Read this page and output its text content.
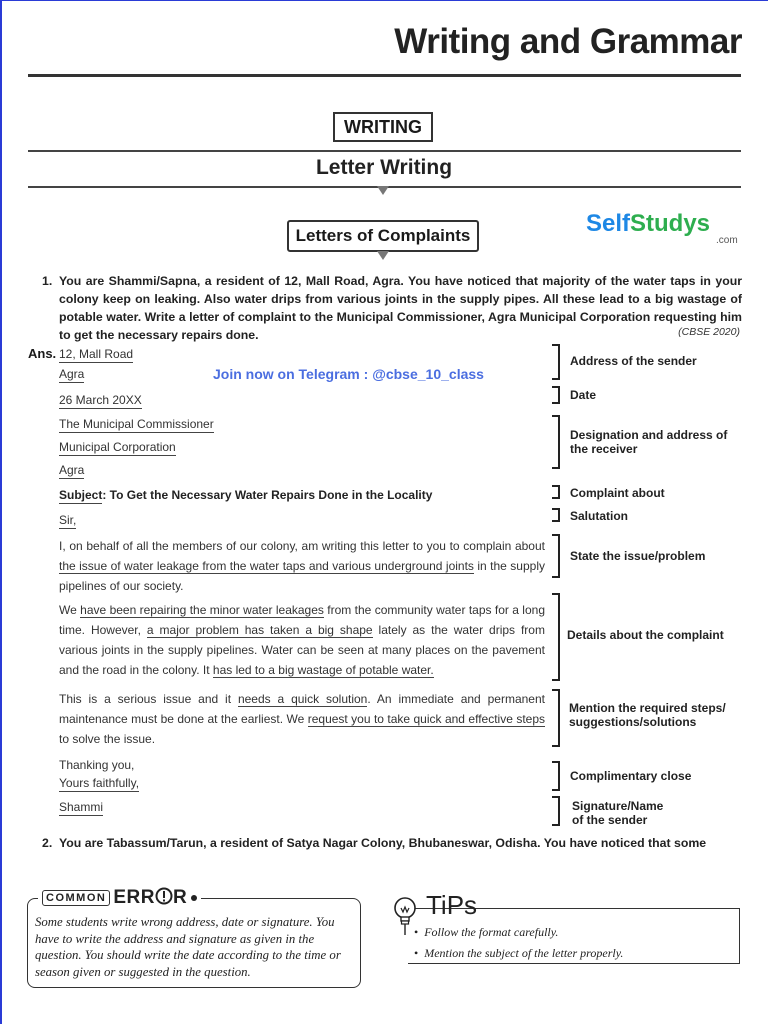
Writing and Grammar
WRITING
Letter Writing
Letters of Complaints	SelfStudys
.com
1. You are Shammi/Sapna, a resident of 12, Mall Road, Agra. You have noticed that majority of the water taps in your colony keep on leaking. Also water drips from various joints in the supply pipes. All these lead to a big wastage of potable water. Write a letter of complaint to the Municipal Commissioner, Agra Municipal Corporation requesting him to get the necessary repairs done.	(CBSE 2020)
Ans. 12, Mall Road
Agra
26 March 20XX
The Municipal Commissioner
Municipal Corporation
Agra
Join now on Telegram : @cbse_10_class
Subject: To Get the Necessary Water Repairs Done in the Locality
Sir,
I, on behalf of all the members of our colony, am writing this letter to you to complain about the issue of water leakage from the water taps and various underground joints in the supply pipelines of our society.
We have been repairing the minor water leakages from the community water taps for a long time. However, a major problem has taken a big shape lately as the water drips from various joints in the supply pipelines. Water can be seen at many places on the pavement and the road in the colony. It has led to a big wastage of potable water.
This is a serious issue and it needs a quick solution. An immediate and permanent maintenance must be done at the earliest. We request you to take quick and effective steps to solve the issue.
Thanking you,
Yours faithfully,
Shammi
Address of the sender
Date
Designation and address of the receiver
Complaint about
Salutation
State the issue/problem
Details about the complaint
Mention the required steps/ suggestions/solutions
Complimentary close
Signature/Name
of the sender
2. You are Tabassum/Tarun, a resident of Satya Nagar Colony, Bhubaneswar, Odisha. You have noticed that some
COMMON ERR R
Some students write wrong address, date or signature. You have to write the address and signature as given in the question. You should write the date according to the time or season given or suggested in the question.
TiPs
• Follow the format carefully.
• Mention the subject of the letter properly.
